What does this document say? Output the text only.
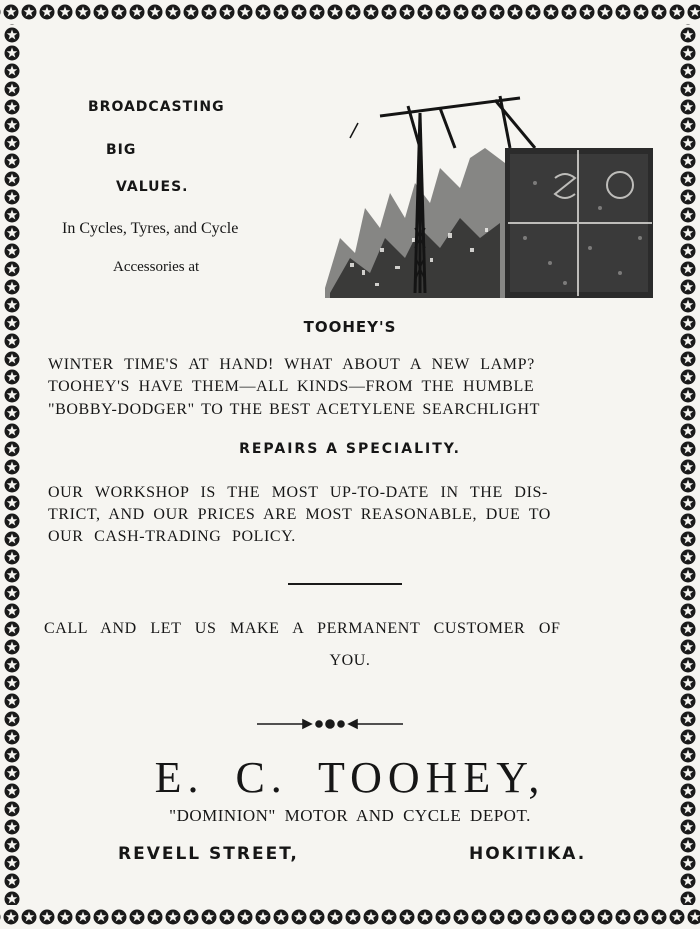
BROADCASTING

BIG

VALUES.

In Cycles, Tyres, and Cycle

Accessories at

TOOHEY'S

WINTER TIME'S AT HAND! WHAT ABOUT A NEW LAMP?

TOOHEY'S HAVE THEM—ALL KINDS—FROM THE HUMBLE

"BOBBY-DODGER" TO THE BEST ACETYLENE SEARCHLIGHT

REPAIRS A SPECIALITY.

OUR WORKSHOP IS THE MOST UP-TO-DATE IN THE DIS-

TRICT, AND OUR PRICES ARE MOST REASONABLE, DUE TO

OUR CASH-TRADING POLICY.

CALL AND LET US MAKE A PERMANENT CUSTOMER OF

YOU.

E. C. TOOHEY,

"DOMINION" MOTOR AND CYCLE DEPOT.

REVELL STREET,	HOKITIKA.
